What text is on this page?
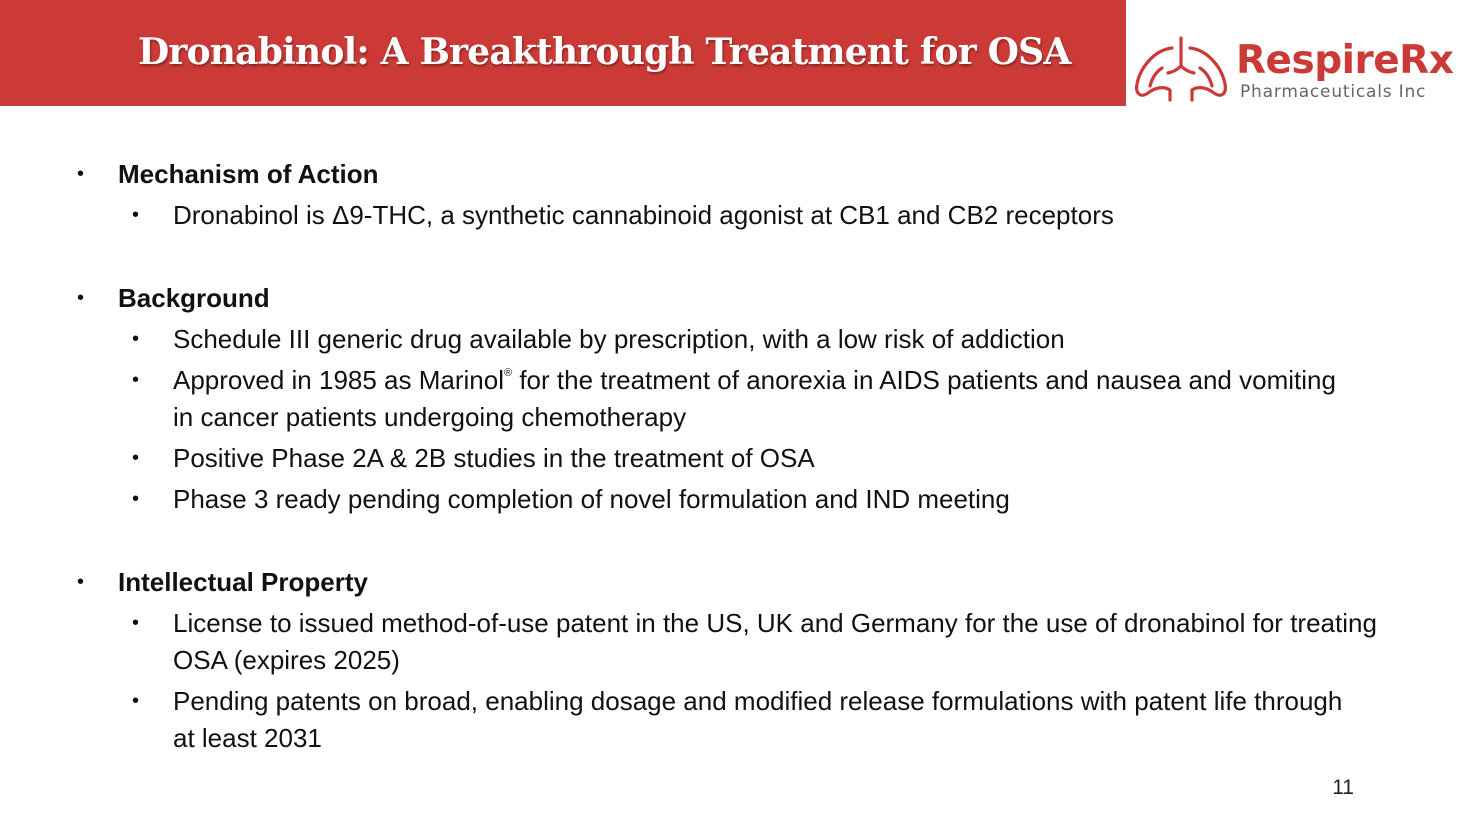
Dronabinol: A Breakthrough Treatment for OSA	RespireRx
Pharmaceuticals Inc
• Mechanism of Action
• Dronabinol is Δ9-THC, a synthetic cannabinoid agonist at CB1 and CB2 receptors
• Background
• Schedule III generic drug available by prescription, with a low risk of addiction
• Approved in 1985 as Marinol® for the treatment of anorexia in AIDS patients and nausea and vomiting in cancer patients undergoing chemotherapy
• Positive Phase 2A & 2B studies in the treatment of OSA
• Phase 3 ready pending completion of novel formulation and IND meeting
• Intellectual Property
• License to issued method-of-use patent in the US, UK and Germany for the use of dronabinol for treating OSA (expires 2025)
• Pending patents on broad, enabling dosage and modified release formulations with patent life through at least 2031
11
